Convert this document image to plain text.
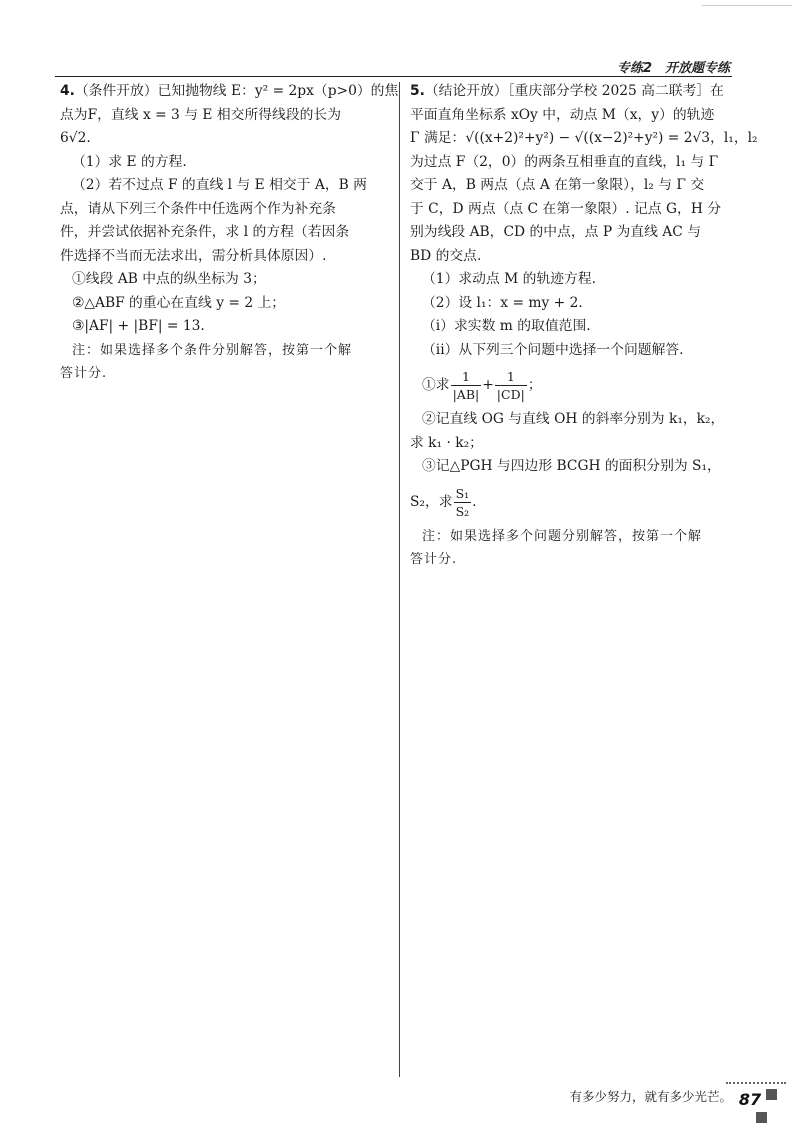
专练2　开放题专练
4.（条件开放）已知抛物线 E：y² = 2px（p>0）的焦
点为F，直线 x = 3 与 E 相交所得线段的长为
6√2.
（1）求 E 的方程.
（2）若不过点 F 的直线 l 与 E 相交于 A，B 两
点，请从下列三个条件中任选两个作为补充条
件，并尝试依据补充条件，求 l 的方程（若因条
件选择不当而无法求出，需分析具体原因）.
①线段 AB 中点的纵坐标为 3；
②△ABF 的重心在直线 y = 2 上；
③|AF| + |BF| = 13.
注：如果选择多个条件分别解答，按第一个解
答计分.
5.（结论开放）［重庆部分学校 2025 高二联考］在
平面直角坐标系 xOy 中，动点 M（x，y）的轨迹
Γ 满足：√((x+2)²+y²) − √((x−2)²+y²) = 2√3，l₁，l₂
为过点 F（2，0）的两条互相垂直的直线，l₁ 与 Γ
交于 A，B 两点（点 A 在第一象限），l₂ 与 Γ 交
于 C，D 两点（点 C 在第一象限）. 记点 G，H 分
别为线段 AB，CD 的中点，点 P 为直线 AC 与
BD 的交点.
（1）求动点 M 的轨迹方程.
（2）设 l₁：x = my + 2.
（i）求实数 m 的取值范围.
（ii）从下列三个问题中选择一个问题解答.
①求 $\frac{1}{|AB|} + \frac{1}{|CD|}$ ；
②记直线 OG 与直线 OH 的斜率分别为 k₁，k₂，
求 k₁ · k₂；
③记△PGH 与四边形 BCGH 的面积分别为 S₁，
S₂，求 $\frac{\text{S₁}}{\text{S₂}}$ .
注：如果选择多个问题分别解答，按第一个解
答计分.
有多少努力，就有多少光芒。 87
